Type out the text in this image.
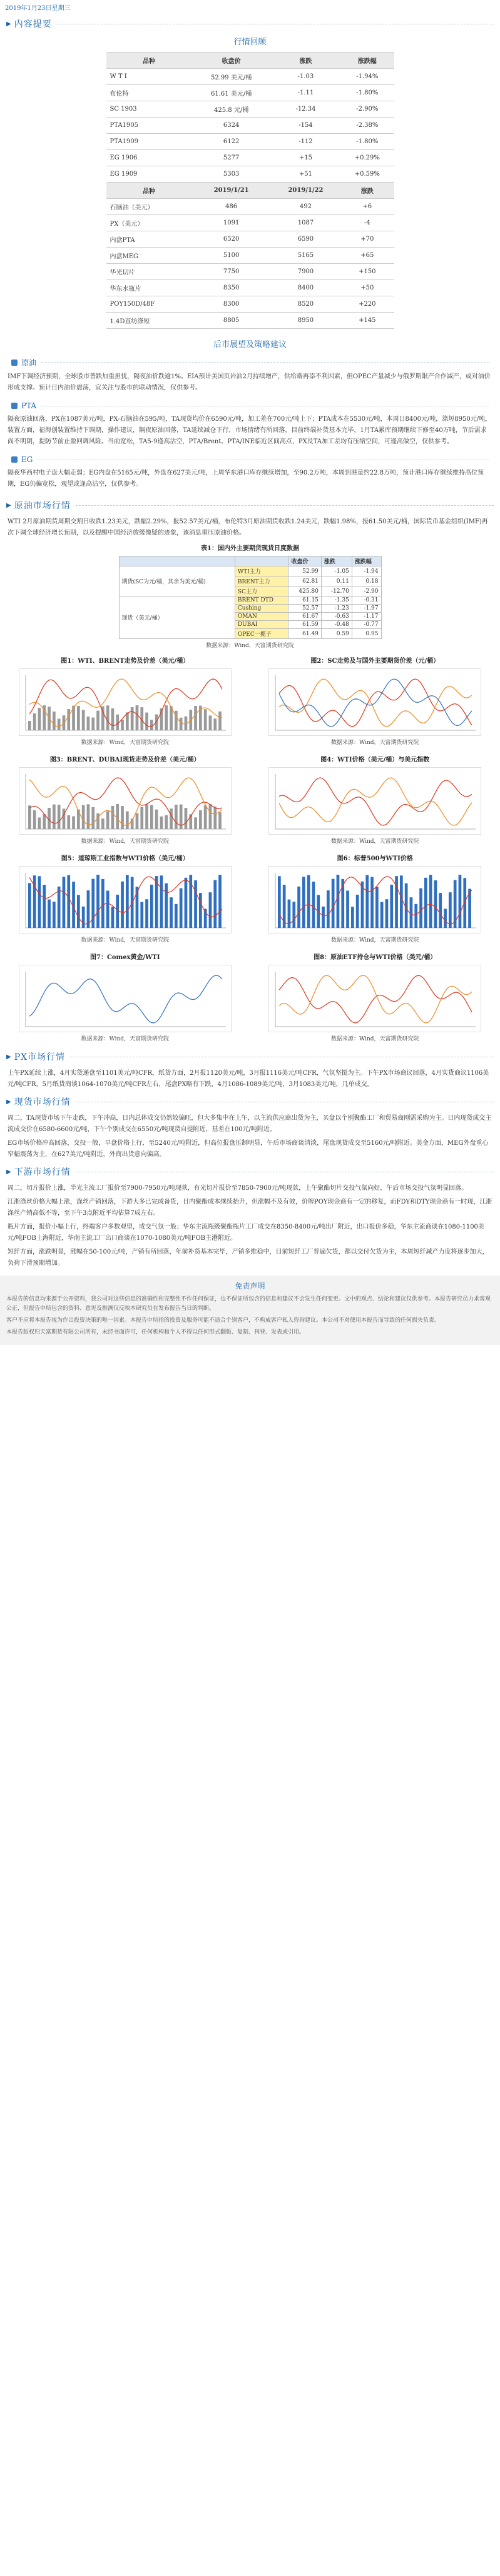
2019年1月23日星期三
▶ 内容提要
行情回顾
品种	收盘价	涨跌	涨跌幅
W T I	52.99 美元/桶	-1.03	-1.94%
布伦特	61.61 美元/桶	-1.11	-1.80%
SC 1903	425.8 元/桶	-12.34	-2.90%
PTA1905	6324	-154	-2.38%
PTA1909	6122	-112	-1.80%
EG 1906	5277	+15	+0.29%
EG 1909	5303	+51	+0.59%
品种	2019/1/21	2019/1/22	涨跌
石脑油（美元）	486	492	+6
PX（美元）	1091	1087	-4
内盘PTA	6520	6590	+70
内盘MEG	5100	5165	+65
华光切片	7750	7900	+150
华东水瓶片	8350	8400	+50
POY150D/48F	8300	8520	+220
1.4D直纺涤短	8805	8950	+145
后市展望及策略建议
原油

IMF下调经济预期，全球股市普跌加重担忧，隔夜油价跌逾1%。EIA预计美国页岩油2月持续增产，供给端再添不利因素，但OPEC产量减少与俄罗斯限产合作减产，或对油价形成支撑。预计日内油价震荡，宜关注与股市的联动情况，仅供参考。

PTA

隔夜原油回落，PX在1087美元/吨，PX-石脑油在595/吨，TA现货均价在6590元/吨，加工差在700元/吨上下；PTA成本在5530元/吨，本周日8400元/吨，涤短8950元/吨，装置方面，福海创装置维持下调期，操作建议，隔夜原油回落，TA延续减仓下行，市场情绪有所回落，目前终端补货基本完毕，1月TA累库预期继续下修至40万吨，节后需求尚不明朗，提防节前止盈回调风险。当前宽松，TA5-9逢高沽空，PTA/Brent、PTA/INE临近区间高点，PX及TA加工差均有压缩空间，可逢高做空，仅供参考。

EG

隔夜华西村电子盘大幅走弱；EG内盘在5165元/吨，外盘在627美元/吨，上周华东港口库存继续增加，至90.2万吨，本周到港量约22.8万吨，预计港口库存继续维持高位预期，EG仍偏宽松，观望或逢高沽空，仅供参考。

▶ 原油市场行情

WTI 2月原油期货周期交割日收跌1.23美元，跌幅2.29%，报52.57美元/桶，布伦特3月原油期货收跌1.24美元，跌幅1.98%，报61.50美元/桶，国际货币基金组织(IMF)再次下调全球经济增长预期，以及提醒中国经济放缓像疑的迹象，该消息重压原油价格。

表1：国内外主要期货现货日度数据
		收盘价	涨跌	涨跌幅
期货(SC为元/桶，其余为美元/桶)	WTI主力	52.99	-1.05	-1.94
	BRENT主力	62.81	0.11	0.18
	SC主力	425.80	-12.70	-2.90
现货（美元/桶）	BRENT DTD	61.15	-1.35	-0.31
	Cushing	52.57	-1.23	-1.97
	OMAN	61.67	-0.63	-1.17
	DUBAI	61.59	-0.48	-0.77
	OPEC一揽子	61.49	0.59	0.95
数据来源：Wind，天富期货研究院
图1：WTI、BRENT走势及价差（美元/桶）
数据来源：Wind，天富期货研究院
图2：SC走势及与国外主要期货价差（元/桶）
数据来源：Wind，天富期货研究院
图3：BRENT、DUBAI现货走势及价差（美元/桶）
数据来源：Wind，天富期货研究院
图4：WTI价格（美元/桶）与美元指数
数据来源：Wind，天富期货研究院
图5：道琼斯工业指数与WTI价格（美元/桶）
数据来源：Wind，天富期货研究院
图6：标普500与WTI价格
数据来源：Wind，天富期货研究院
图7：Comex黄金/WTI
数据来源：Wind，天富期货研究院
图8：原油ETF持仓与WTI价格（美元/桶）
数据来源：Wind，天富期货研究院
▶ PX市场行情

上午PX延续上涨，4月实货递盘至1101美元/吨CFR，纸货方面，2月报1120美元/吨，3月报1116美元/吨CFR，气氛坚挺为主。下午PX市场商议回落，4月实货商议1106美元/吨CFR，5月纸货商谈1064-1070美元/吨CFR左右，尾盘PX略有下跌，4月1086-1089美元/吨，3月1083美元/吨，几单成交。

▶ 现货市场行情

周二，TA现货市场下午走跌，下午冲高，日内总体成交仍然较偏旺，但大多集中在上午，以主流供应商出货为主，买盘以个别聚酯工厂和贸易商刚需采购为主。日内现货成交主流成交价在6580-6600元/吨，下午个别成交在6550元/吨现货自提附近，基差在100元/吨附近。

EG市场价格冲高回落，交投一般，早盘价格上行，至5240元/吨附近，但高位报盘压制明显，午后市场商谈清淡，尾盘现货成交至5160元/吨附近。美金方面，MEG外盘重心窄幅震荡为主，在627美元/吨附近，外商出货意向偏高。

▶ 下游市场行情

周二，切片报价上涨，半光主流工厂报价至7900-7950元/吨现款，有光切片报价至7850-7900元/吨现款，上午聚酯切片交投气氛向好，午后市场交投气氛明显回落。

江浙涤丝价格大幅上涨，涤丝产销回落，下游大多已完成备货，日内聚酯成本继续抬升，但涨幅不及有效，价牌POY现金商有一定的移复，而FDY和DTY现金商有一时现，江浙涤丝产销高低不等，至下午3点附近平均估算7成左右。

瓶片方面，报价小幅上行，终端客户多数观望，成交气氛一般；华东主流瓶级聚酯瓶片工厂成交在8350-8400元/吨出厂附近，出口报价多稳，华东主流商谈在1080-1100美元/吨FOB上海附近，华南主流工厂出口商谈在1070-1080美元/吨FOB主港附近。

短纤方面，涨跌明显，涨幅在50-100元/吨，产销有所回落，年前补货基本完毕，产销多维稳中，目前短纤工厂普遍欠货，都以交付欠货为主，本周短纤减产力度将逐步加大，负荷下滑预期增加。

免责声明

本报告的信息均来源于公开资料，我公司对这些信息的准确性和完整性不作任何保证，也不保证所包含的信息和建议不会发生任何变更。文中的观点、结论和建议仅供参考。本报告研究员力求客观公正，但报告中所包含的资料、意见及推测仅反映本研究员在发布报告当日的判断。

客户不应将本报告视为作出投资决策的唯一因素。本报告中所指的投资及服务可能不适合个别客户，不构成客户私人咨询建议。本公司不对使用本报告而导致的任何损失负责。

本报告版权归天富期货有限公司所有，未经书面许可，任何机构和个人不得以任何形式翻版、复制、刊登、发表或引用。
